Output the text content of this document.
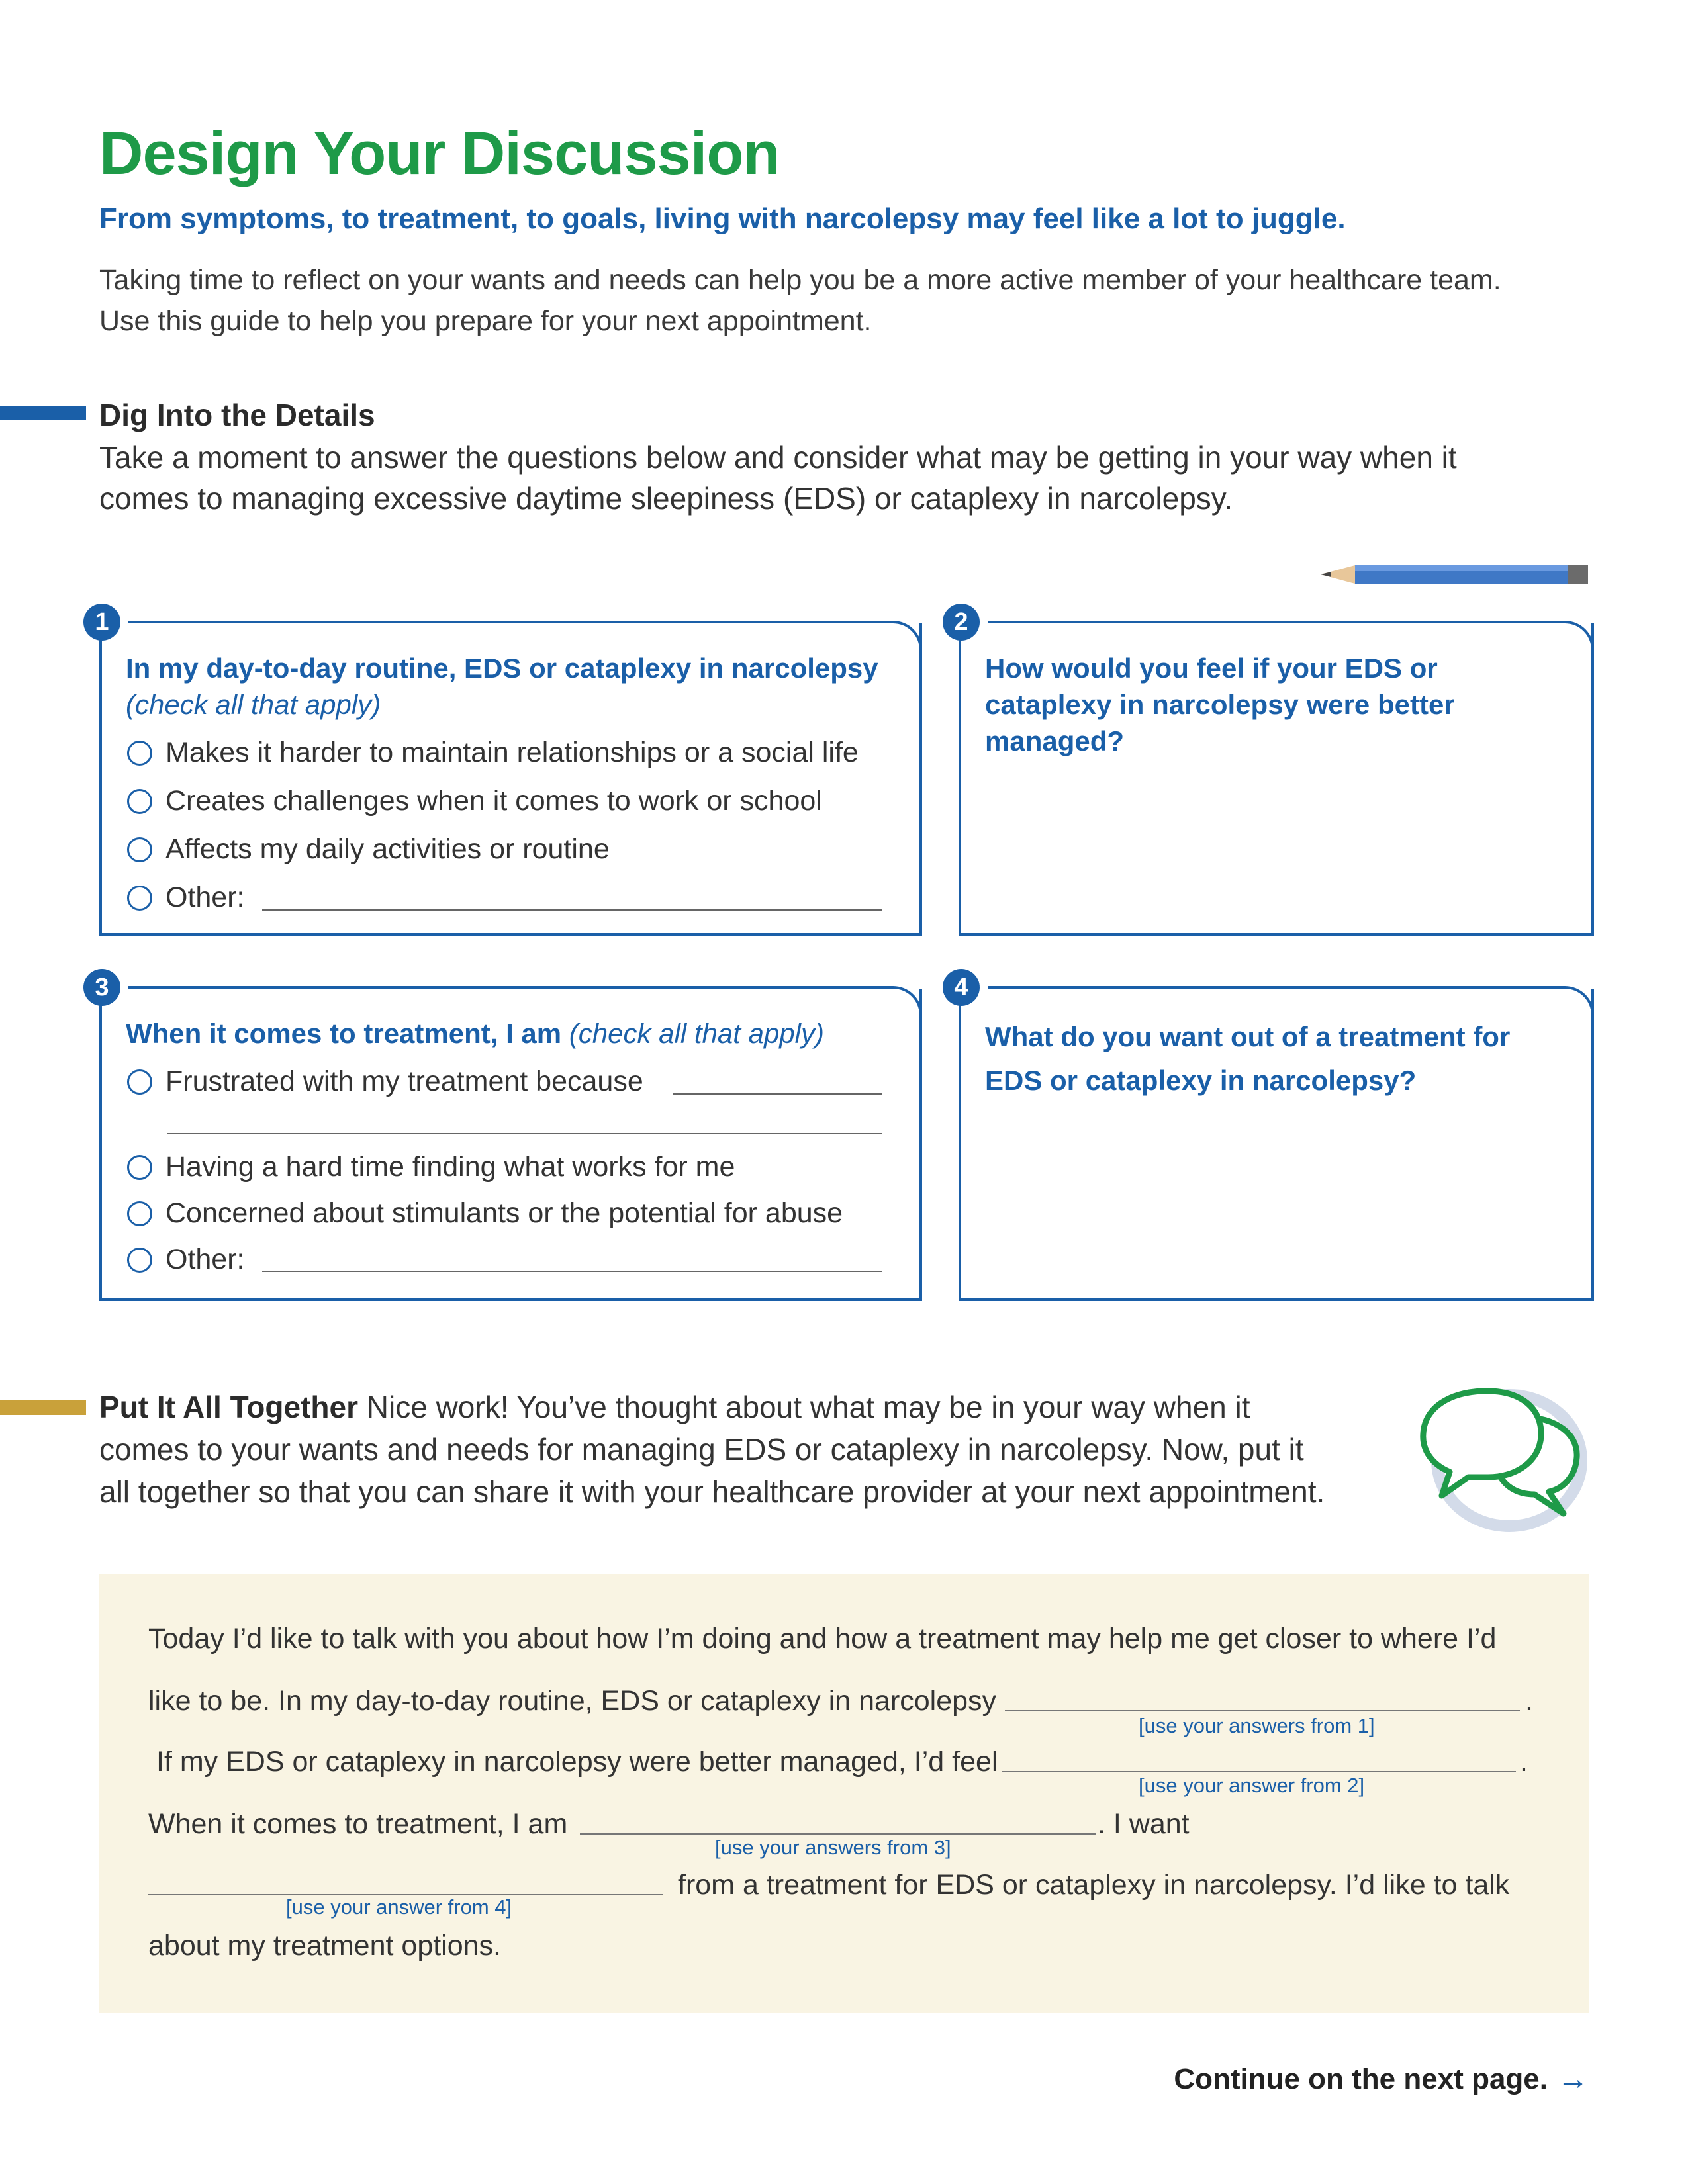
Design Your Discussion
From symptoms, to treatment, to goals, living with narcolepsy may feel like a lot to juggle.
Taking time to reflect on your wants and needs can help you be a more active member of your healthcare team.
Use this guide to help you prepare for your next appointment.
Dig Into the Details
Take a moment to answer the questions below and consider what may be getting in your way when it
comes to managing excessive daytime sleepiness (EDS) or cataplexy in narcolepsy.
1
In my day-to-day routine, EDS or cataplexy in narcolepsy
(check all that apply)
Makes it harder to maintain relationships or a social life
Creates challenges when it comes to work or school
Affects my daily activities or routine
Other:
2
How would you feel if your EDS or
cataplexy in narcolepsy were better
managed?
3
When it comes to treatment, I am (check all that apply)
Frustrated with my treatment because
Having a hard time finding what works for me
Concerned about stimulants or the potential for abuse
Other:
4
What do you want out of a treatment for
EDS or cataplexy in narcolepsy?
Put It All Together Nice work! You’ve thought about what may be in your way when it
comes to your wants and needs for managing EDS or cataplexy in narcolepsy. Now, put it
all together so that you can share it with your healthcare provider at your next appointment.
Today I’d like to talk with you about how I’m doing and how a treatment may help me get closer to where I’d
like to be. In my day-to-day routine, EDS or cataplexy in narcolepsy	.
[use your answers from 1]
If my EDS or cataplexy in narcolepsy were better managed, I’d feel	.
[use your answer from 2]
When it comes to treatment, I am	. I want
[use your answers from 3]
from a treatment for EDS or cataplexy in narcolepsy. I’d like to talk
[use your answer from 4]
about my treatment options.
Continue on the next page. →
